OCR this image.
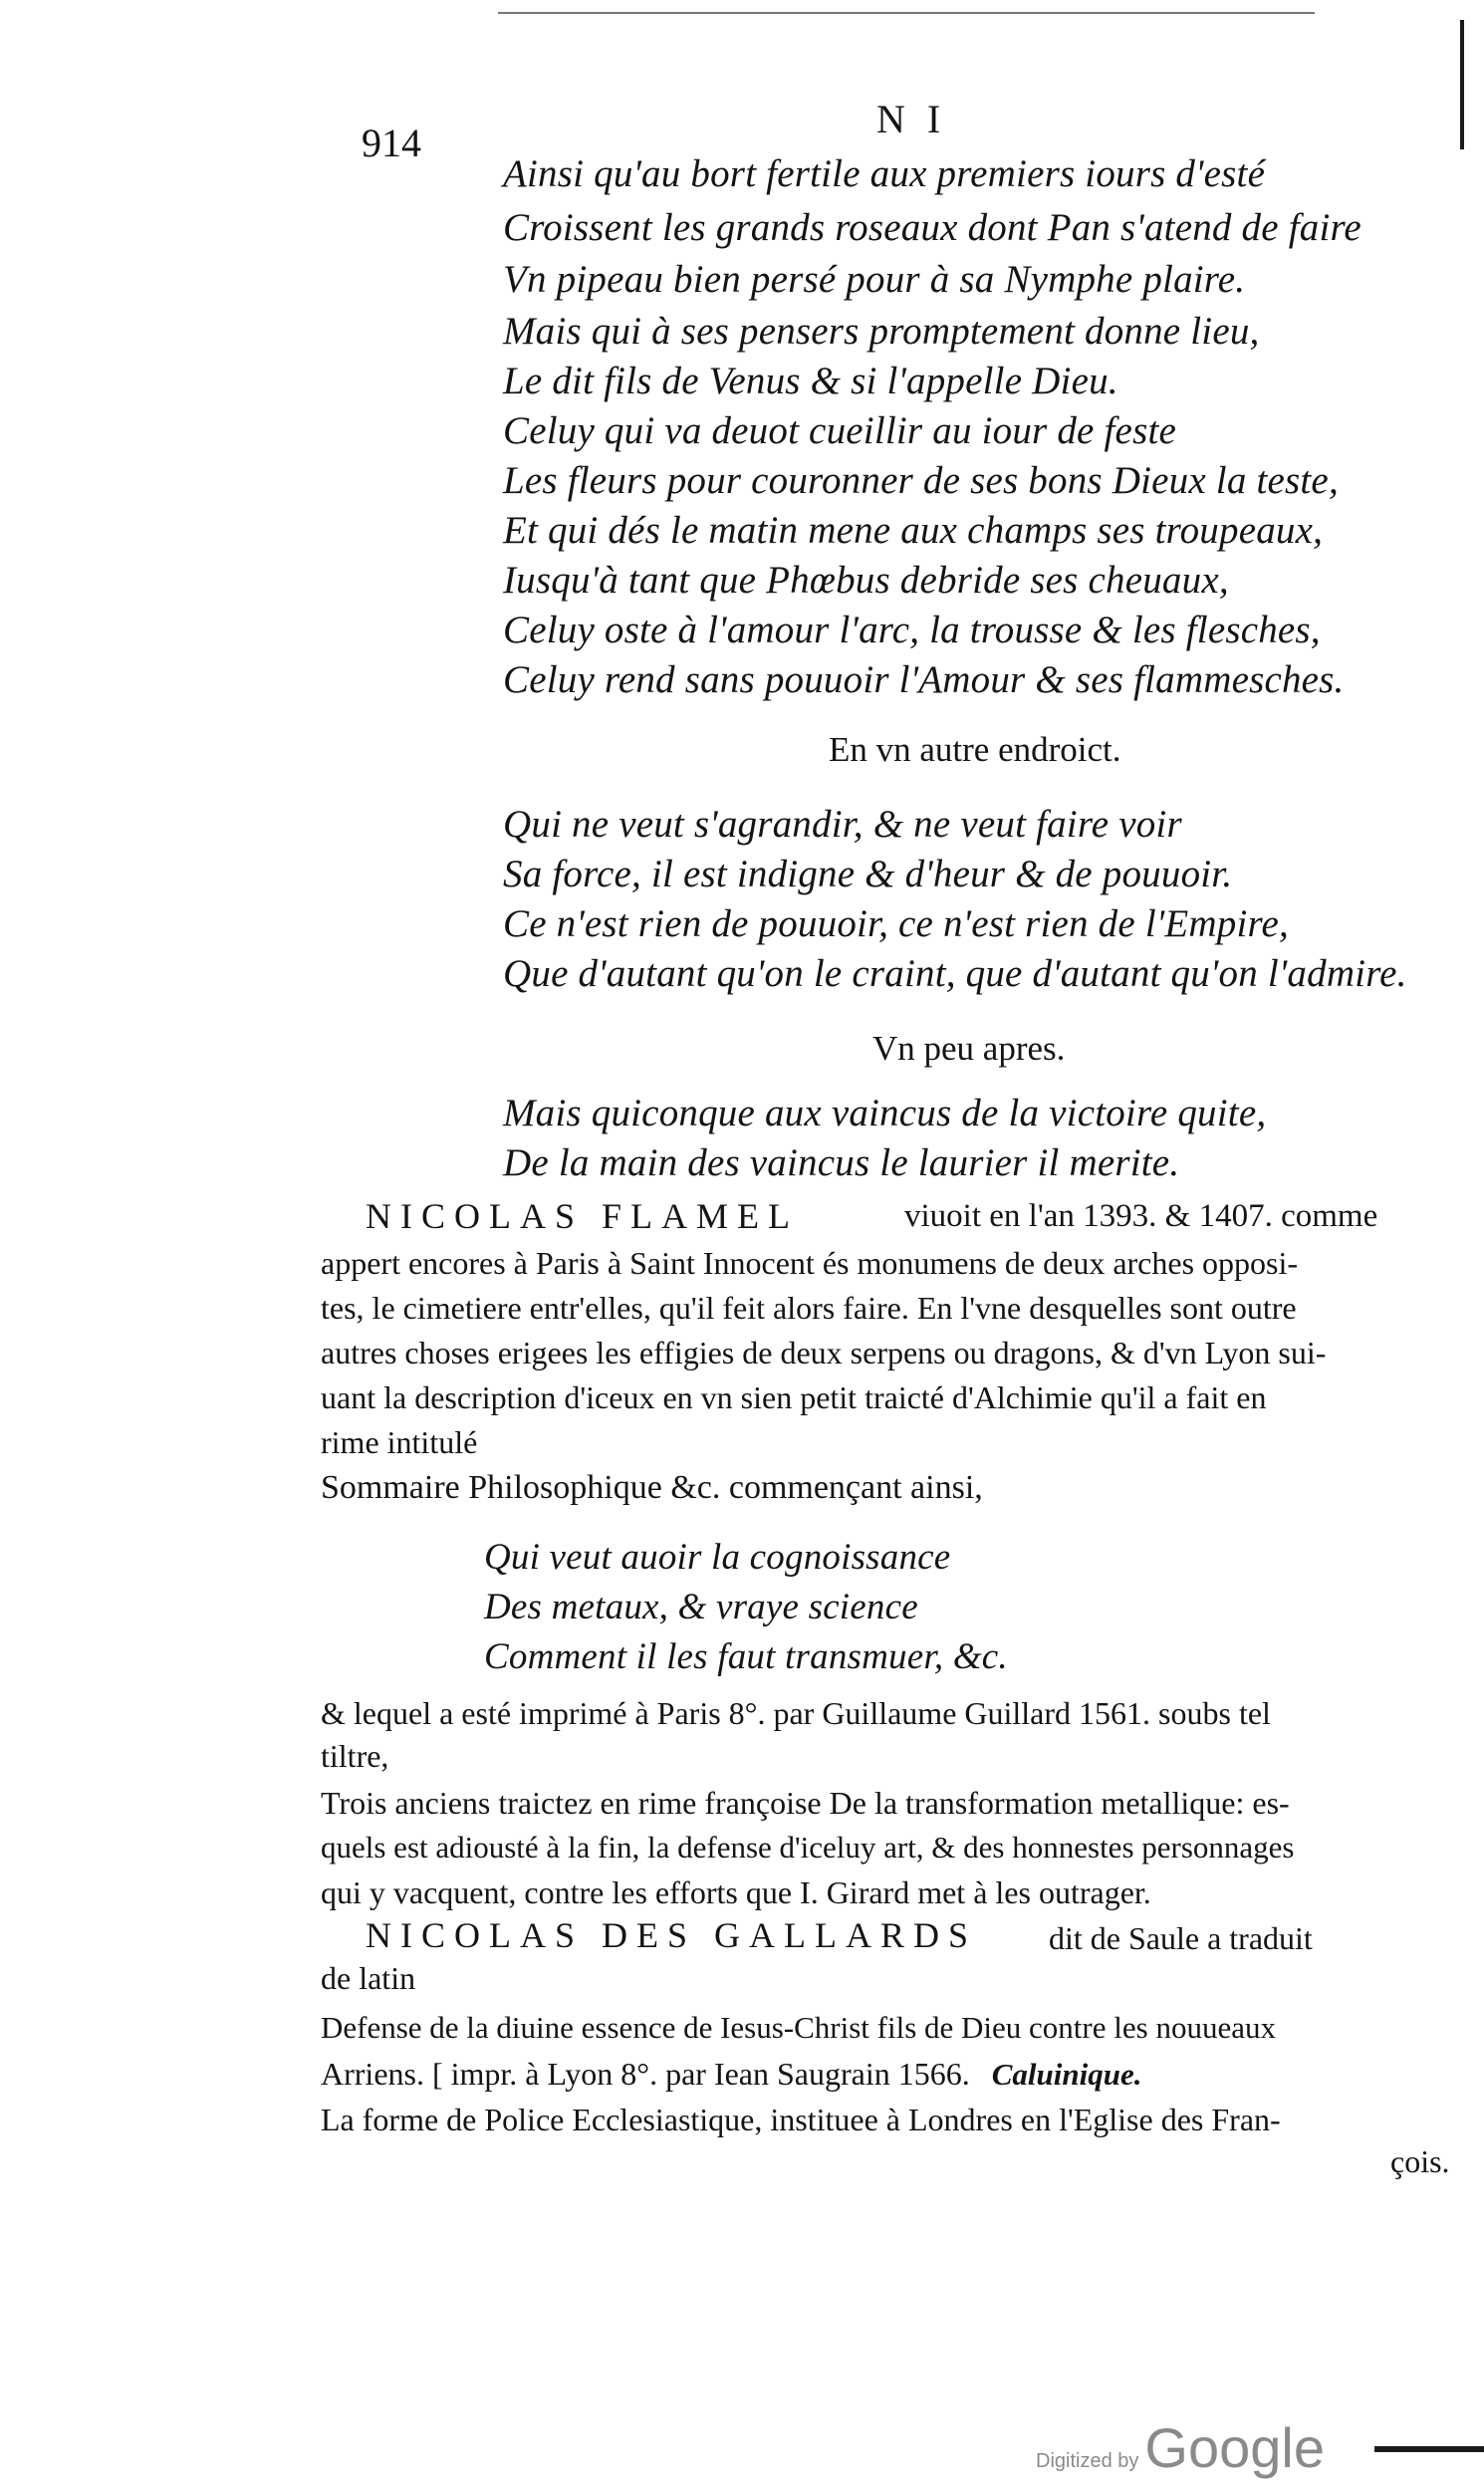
914
N I
Ainsi qu'au bort fertile aux premiers iours d'esté
Croissent les grands roseaux dont Pan s'atend de faire
Vn pipeau bien persé pour à sa Nymphe plaire.
Mais qui à ses pensers promptement donne lieu,
Le dit fils de Venus & si l'appelle Dieu.
Celuy qui va deuot cueillir au iour de feste
Les fleurs pour couronner de ses bons Dieux la teste,
Et qui dés le matin mene aux champs ses troupeaux,
Iusqu'à tant que Phœbus debride ses cheuaux,
Celuy oste à l'amour l'arc, la trousse & les flesches,
Celuy rend sans pouuoir l'Amour & ses flammesches.
En vn autre endroict.
Qui ne veut s'agrandir, & ne veut faire voir
Sa force, il est indigne & d'heur & de pouuoir.
Ce n'est rien de pouuoir, ce n'est rien de l'Empire,
Que d'autant qu'on le craint, que d'autant qu'on l'admire.
Vn peu apres.
Mais quiconque aux vaincus de la victoire quite,
De la main des vaincus le laurier il merite.
NICOLAS FLAMEL	viuoit en l'an 1393. & 1407. comme
appert encores à Paris à Saint Innocent és monumens de deux arches opposi-
tes, le cimetiere entr'elles, qu'il feit alors faire. En l'vne desquelles sont outre
autres choses erigees les effigies de deux serpens ou dragons, & d'vn Lyon sui-
uant la description d'iceux en vn sien petit traicté d'Alchimie qu'il a fait en
rime intitulé
Sommaire Philosophique &c. commençant ainsi,
Qui veut auoir la cognoissance
Des metaux, & vraye science
Comment il les faut transmuer, &c.
& lequel a esté imprimé à Paris 8°. par Guillaume Guillard 1561. soubs tel
tiltre,
Trois anciens traictez en rime françoise De la transformation metallique: es-
quels est adiousté à la fin, la defense d'iceluy art, & des honnestes personnages
qui y vacquent, contre les efforts que I. Girard met à les outrager.
NICOLAS DES GALLARDS dit de Saule a traduit
de latin
Defense de la diuine essence de Iesus-Christ fils de Dieu contre les nouueaux
Arriens. [ impr. à Lyon 8°. par Iean Saugrain 1566. Caluinique.
La forme de Police Ecclesiastique, instituee à Londres en l'Eglise des Fran-
çois.
Digitized by Google
